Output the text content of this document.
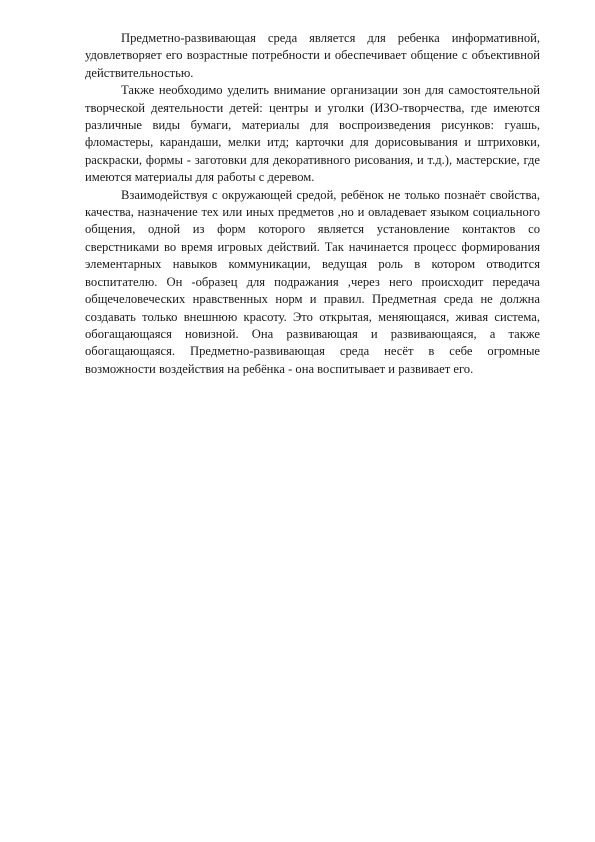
Предметно-развивающая среда является для ребенка информативной, удовлетворяет его возрастные потребности и обеспечивает общение с объективной действительностью.

Также необходимо уделить внимание организации зон для самостоятельной творческой деятельности детей: центры и уголки (ИЗО-творчества, где имеются различные виды бумаги, материалы для воспроизведения рисунков: гуашь, фломастеры, карандаши, мелки итд; карточки для дорисовывания и штриховки, раскраски, формы - заготовки для декоративного рисования, и т.д.), мастерские, где имеются материалы для работы с деревом.

Взаимодействуя с окружающей средой, ребёнок не только познаёт свойства, качества, назначение тех или иных предметов ,но и овладевает языком социального общения, одной из форм которого является установление контактов со сверстниками во время игровых действий. Так начинается процесс формирования элементарных навыков коммуникации, ведущая роль в котором отводится воспитателю. Он -образец для подражания ,через него происходит передача общечеловеческих нравственных норм и правил. Предметная среда не должна создавать только внешнюю красоту. Это открытая, меняющаяся, живая система, обогащающаяся новизной. Она развивающая и развивающаяся, а также обогащающаяся. Предметно-развивающая среда несёт в себе огромные возможности воздействия на ребёнка - она воспитывает и развивает его.
